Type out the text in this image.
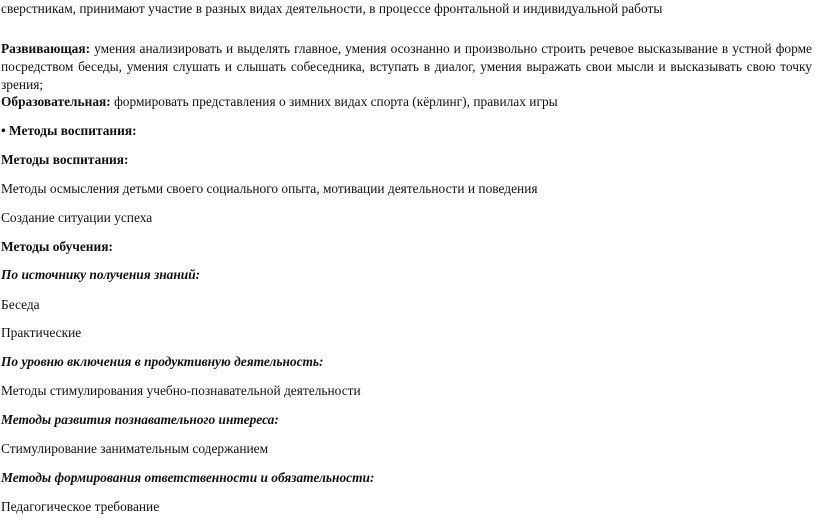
сверстникам, принимают участие в разных видах деятельности, в процессе фронтальной и индивидуальной работы

Развивающая: умения анализировать и выделять главное, умения осознанно и произвольно строить речевое высказывание в устной форме посредством беседы, умения слушать и слышать собеседника, вступать в диалог, умения выражать свои мысли и высказывать свою точку зрения;

Образовательная: формировать представления о зимних видах спорта (кёрлинг), правилах игры

• Методы воспитания:

Методы воспитания:

Методы осмысления детьми своего социального опыта, мотивации деятельности и поведения

Создание ситуации успеха

Методы обучения:

По источнику получения знаний:

Беседа

Практические

По уровню включения в продуктивную деятельность:

Методы стимулирования учебно-познавательной деятельности

Методы развития познавательного интереса:

Стимулирование занимательным содержанием

Методы формирования ответственности и обязательности:

Педагогическое требование
